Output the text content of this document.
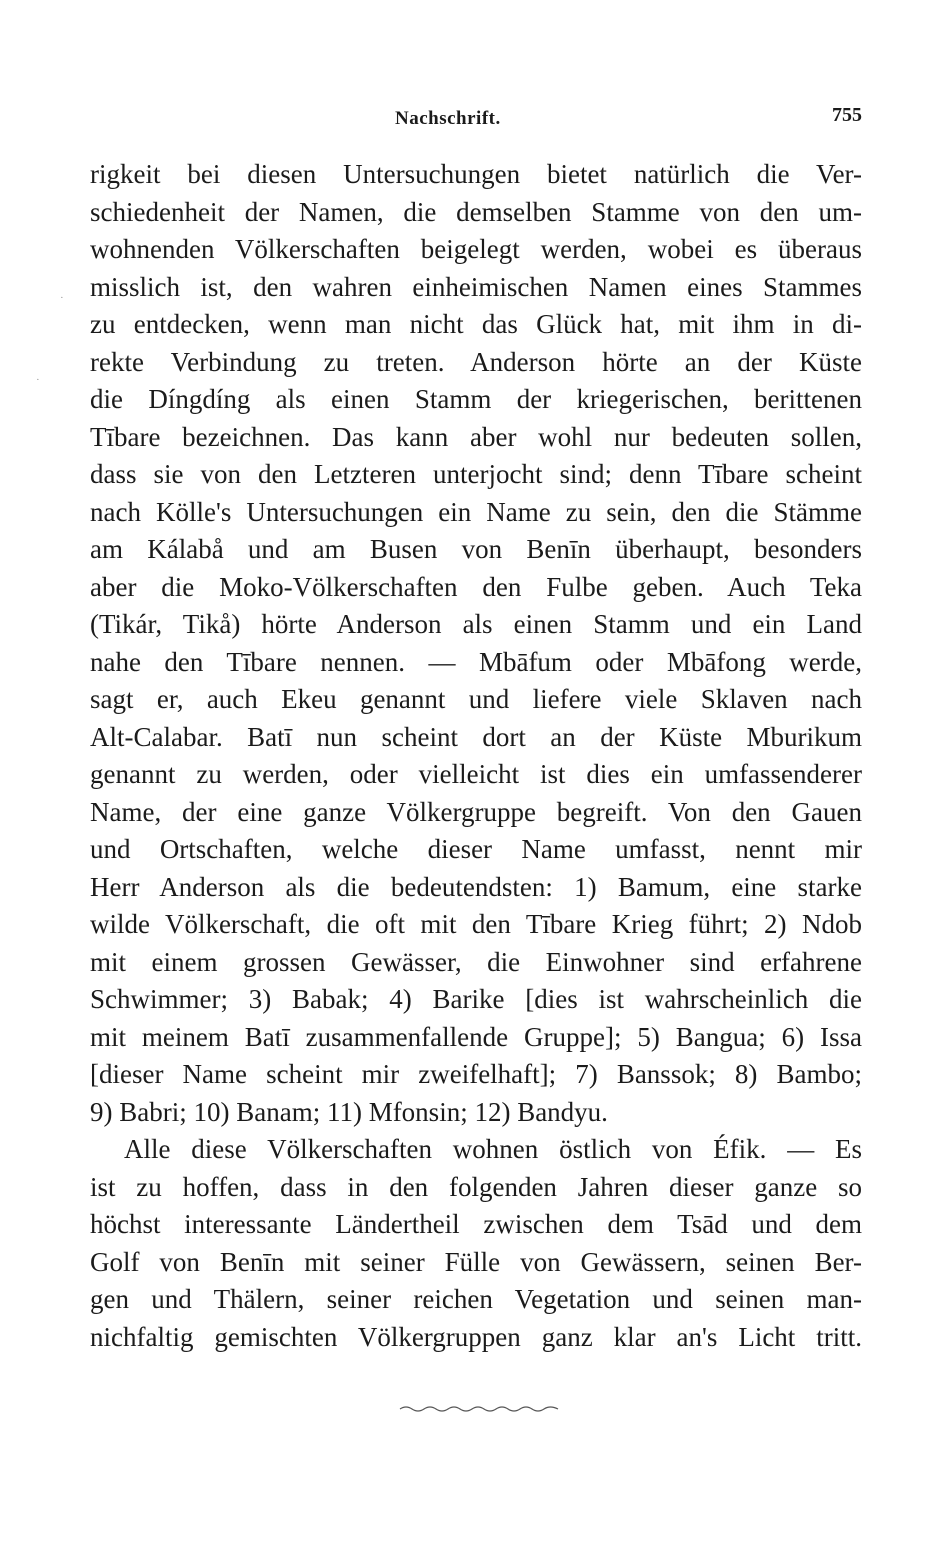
Nachschrift.	755
·
·
rigkeit bei diesen Untersuchungen bietet natürlich die Ver-
schiedenheit der Namen, die demselben Stamme von den um-
wohnenden Völkerschaften beigelegt werden, wobei es überaus
misslich ist, den wahren einheimischen Namen eines Stammes
zu entdecken, wenn man nicht das Glück hat, mit ihm in di-
rekte Verbindung zu treten. Anderson hörte an der Küste
die Díngdíng als einen Stamm der kriegerischen, berittenen
Tībare bezeichnen. Das kann aber wohl nur bedeuten sollen,
dass sie von den Letzteren unterjocht sind; denn Tībare scheint
nach Kölle's Untersuchungen ein Name zu sein, den die Stämme
am Kálabå und am Busen von Benīn überhaupt, besonders
aber die Moko-Völkerschaften den Fulbe geben. Auch Teka
(Tikár, Tikå) hörte Anderson als einen Stamm und ein Land
nahe den Tībare nennen. — Mbāfum oder Mbāfong werde,
sagt er, auch Ekeu genannt und liefere viele Sklaven nach
Alt-Calabar. Batī nun scheint dort an der Küste Mburikum
genannt zu werden, oder vielleicht ist dies ein umfassenderer
Name, der eine ganze Völkergruppe begreift. Von den Gauen
und Ortschaften, welche dieser Name umfasst, nennt mir
Herr Anderson als die bedeutendsten: 1) Bamum, eine starke
wilde Völkerschaft, die oft mit den Tībare Krieg führt; 2) Ndob
mit einem grossen Gewässer, die Einwohner sind erfahrene
Schwimmer; 3) Babak; 4) Barike [dies ist wahrscheinlich die
mit meinem Batī zusammenfallende Gruppe]; 5) Bangua; 6) Issa
[dieser Name scheint mir zweifelhaft]; 7) Banssok; 8) Bambo;
9) Babri; 10) Banam; 11) Mfonsin; 12) Bandyu.
Alle diese Völkerschaften wohnen östlich von Éfik. — Es
ist zu hoffen, dass in den folgenden Jahren dieser ganze so
höchst interessante Ländertheil zwischen dem Tsād und dem
Golf von Benīn mit seiner Fülle von Gewässern, seinen Ber-
gen und Thälern, seiner reichen Vegetation und seinen man-
nichfaltig gemischten Völkergruppen ganz klar an's Licht tritt.
